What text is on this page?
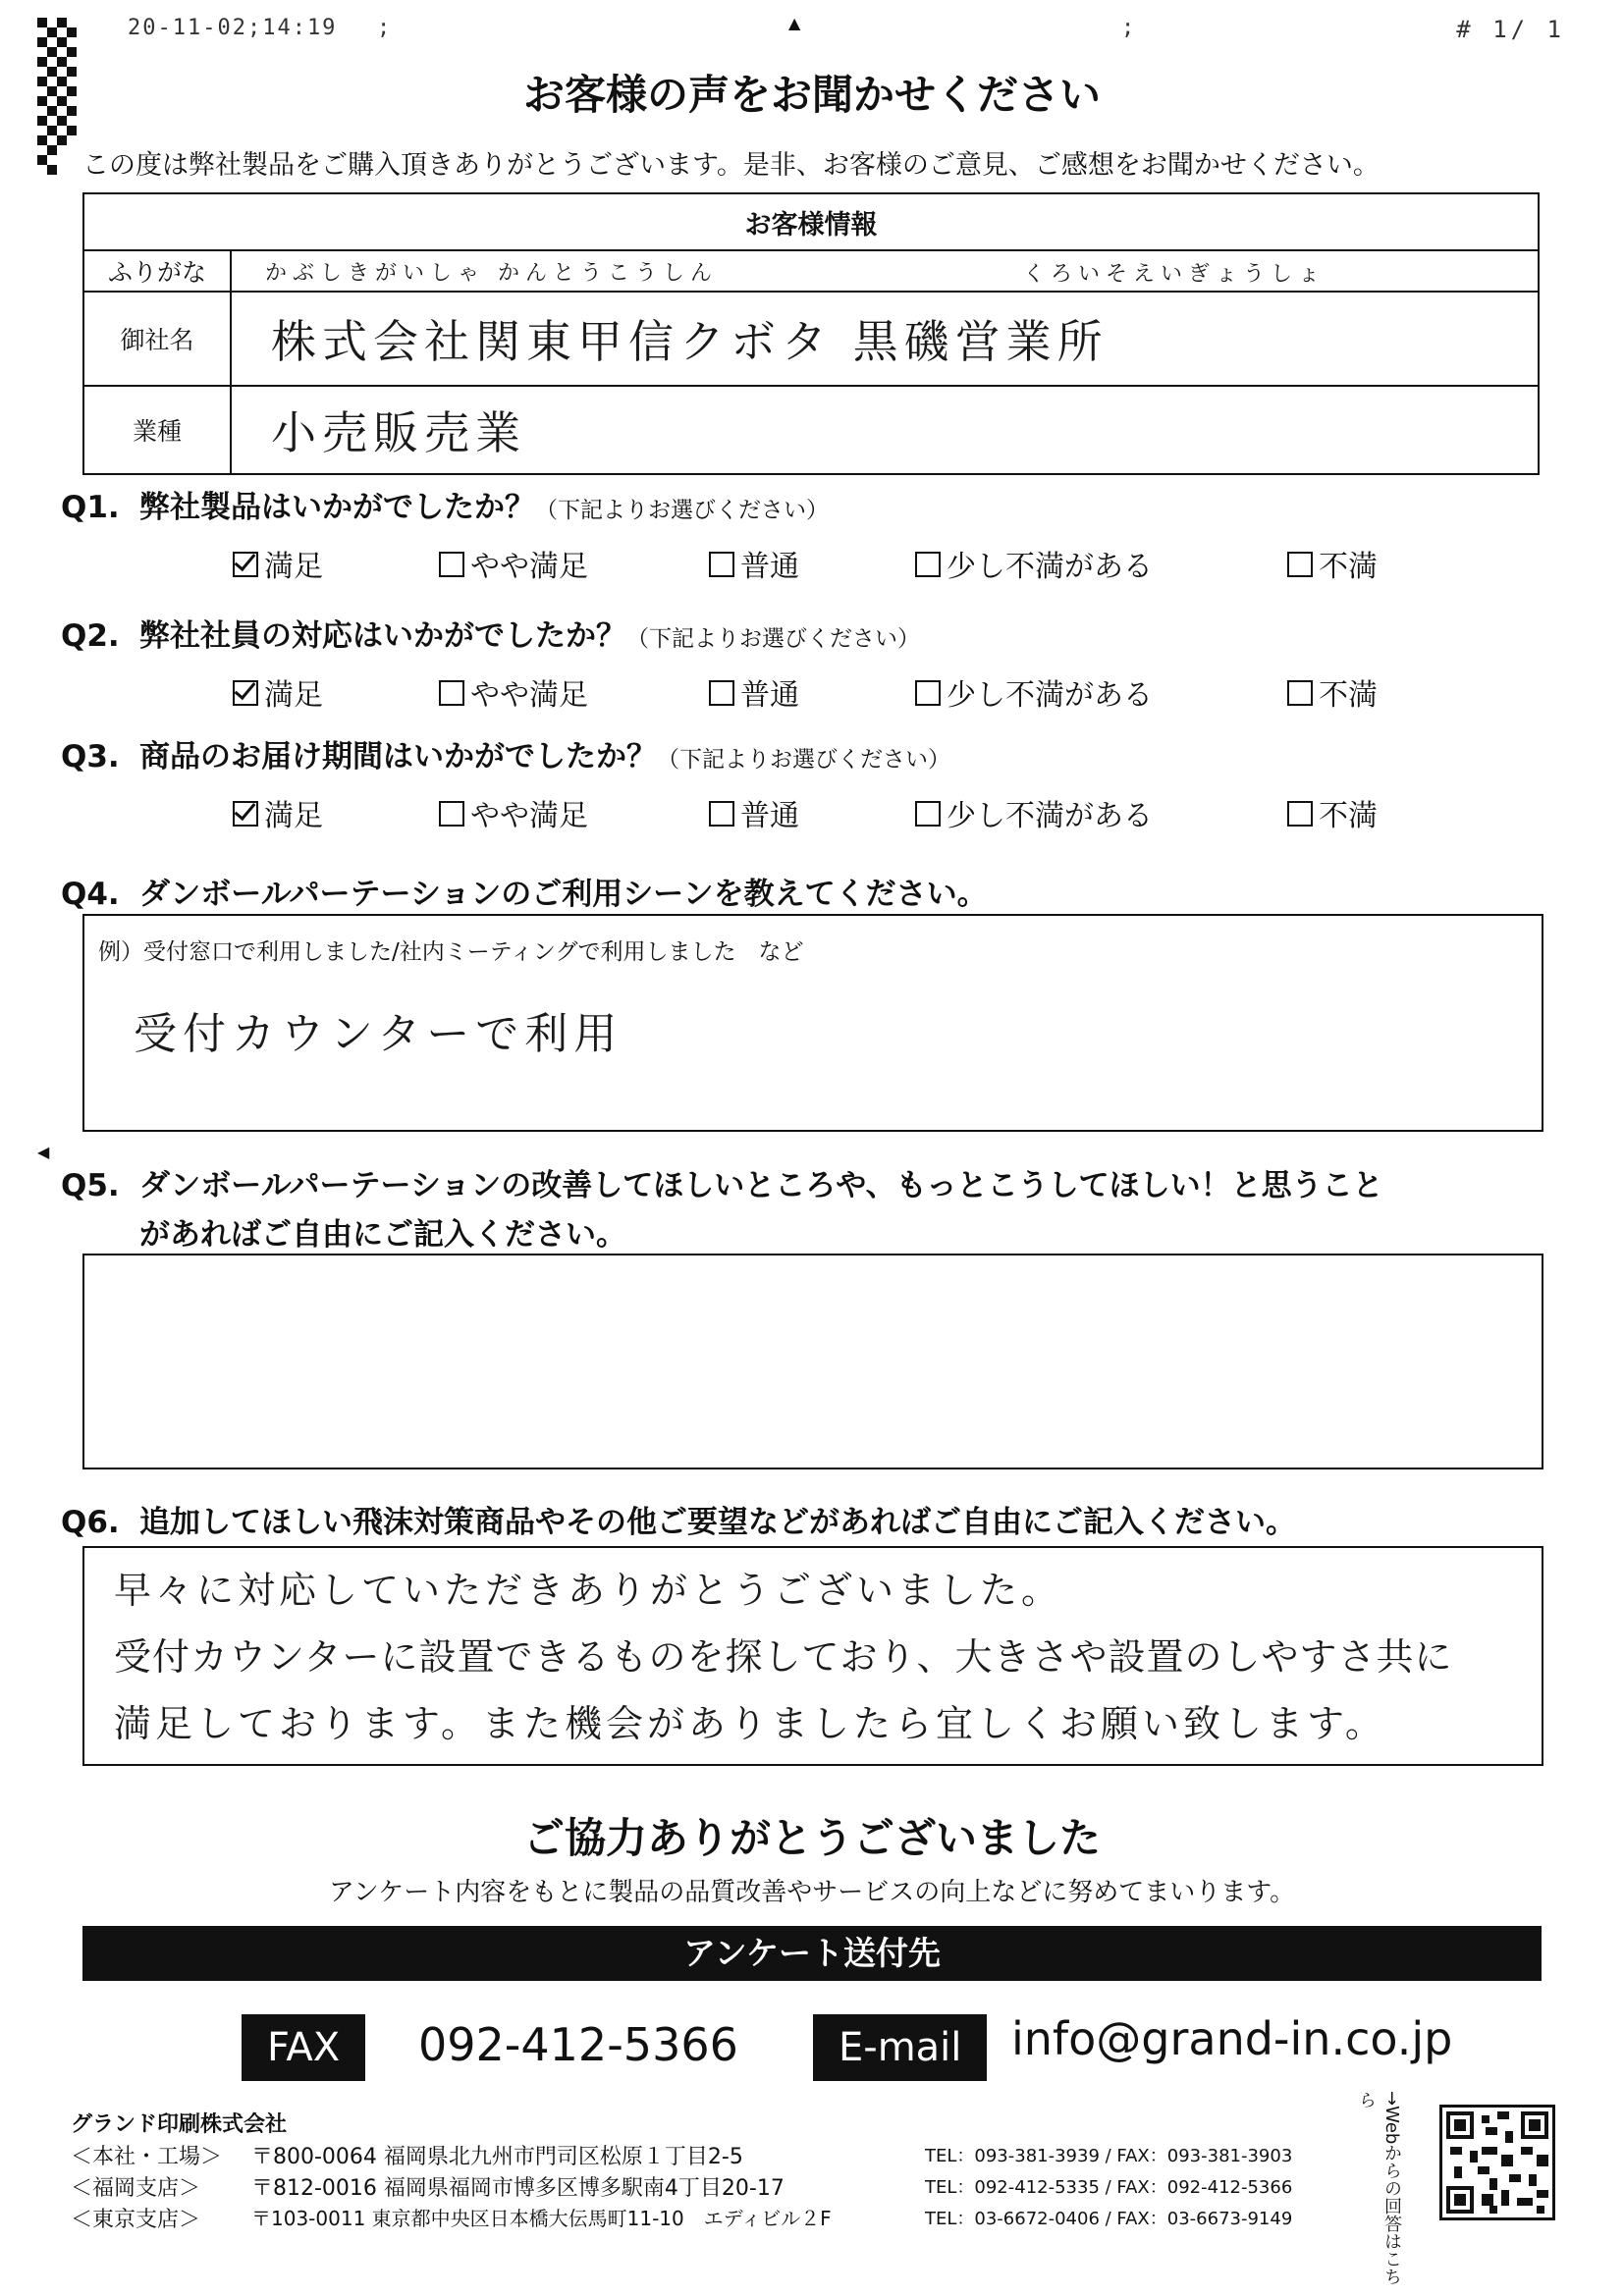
20-11-02;14:19 ;	;	# 1/ 1
▲
◀
お客様の声をお聞かせください
この度は弊社製品をご購入頂きありがとうございます。是非、お客様のご意見、ご感想をお聞かせください。
お客様情報	
ふりがな	かぶしきがいしゃ かんとうこうしん くろいそえいぎょうしょ

御社名	株式会社関東甲信クボタ 黒磯営業所
業種	小売販売業
Q1. 弊社製品はいかがでしたか？（下記よりお選びください）
満足	やや満足	普通	少し不満がある	不満
Q2. 弊社社員の対応はいかがでしたか？（下記よりお選びください）
満足	やや満足	普通	少し不満がある	不満
Q3. 商品のお届け期間はいかがでしたか？（下記よりお選びください）
満足	やや満足	普通	少し不満がある	不満
Q4. ダンボールパーテーションのご利用シーンを教えてください。
例）受付窓口で利用しました/社内ミーティングで利用しました　など
受付カウンターで利用
Q5. ダンボールパーテーションの改善してほしいところや、もっとこうしてほしい！と思うこと
があればご自由にご記入ください。
Q6. 追加してほしい飛沫対策商品やその他ご要望などがあればご自由にご記入ください。
早々に対応していただきありがとうございました。
受付カウンターに設置できるものを探しており、大きさや設置のしやすさ共に
満足しております。また機会がありましたら宜しくお願い致します。
ご協力ありがとうございました
アンケート内容をもとに製品の品質改善やサービスの向上などに努めてまいります。
アンケート送付先
FAX	092-412-5366	E-mail	info@grand-in.co.jp
グランド印刷株式会社
＜本社・工場＞ 〒800-0064 福岡県北九州市門司区松原１丁目2-5	TEL：093-381-3939 / FAX：093-381-3903
＜福岡支店＞ 〒812-0016 福岡県福岡市博多区博多駅南4丁目20-17	TEL：092-412-5335 / FAX：092-412-5366
＜東京支店＞	〒103-0011 東京都中央区日本橋大伝馬町11-10　エディビル２F	TEL：03-6672-0406 / FAX：03-6673-9149	→Webからの回答はこちら
